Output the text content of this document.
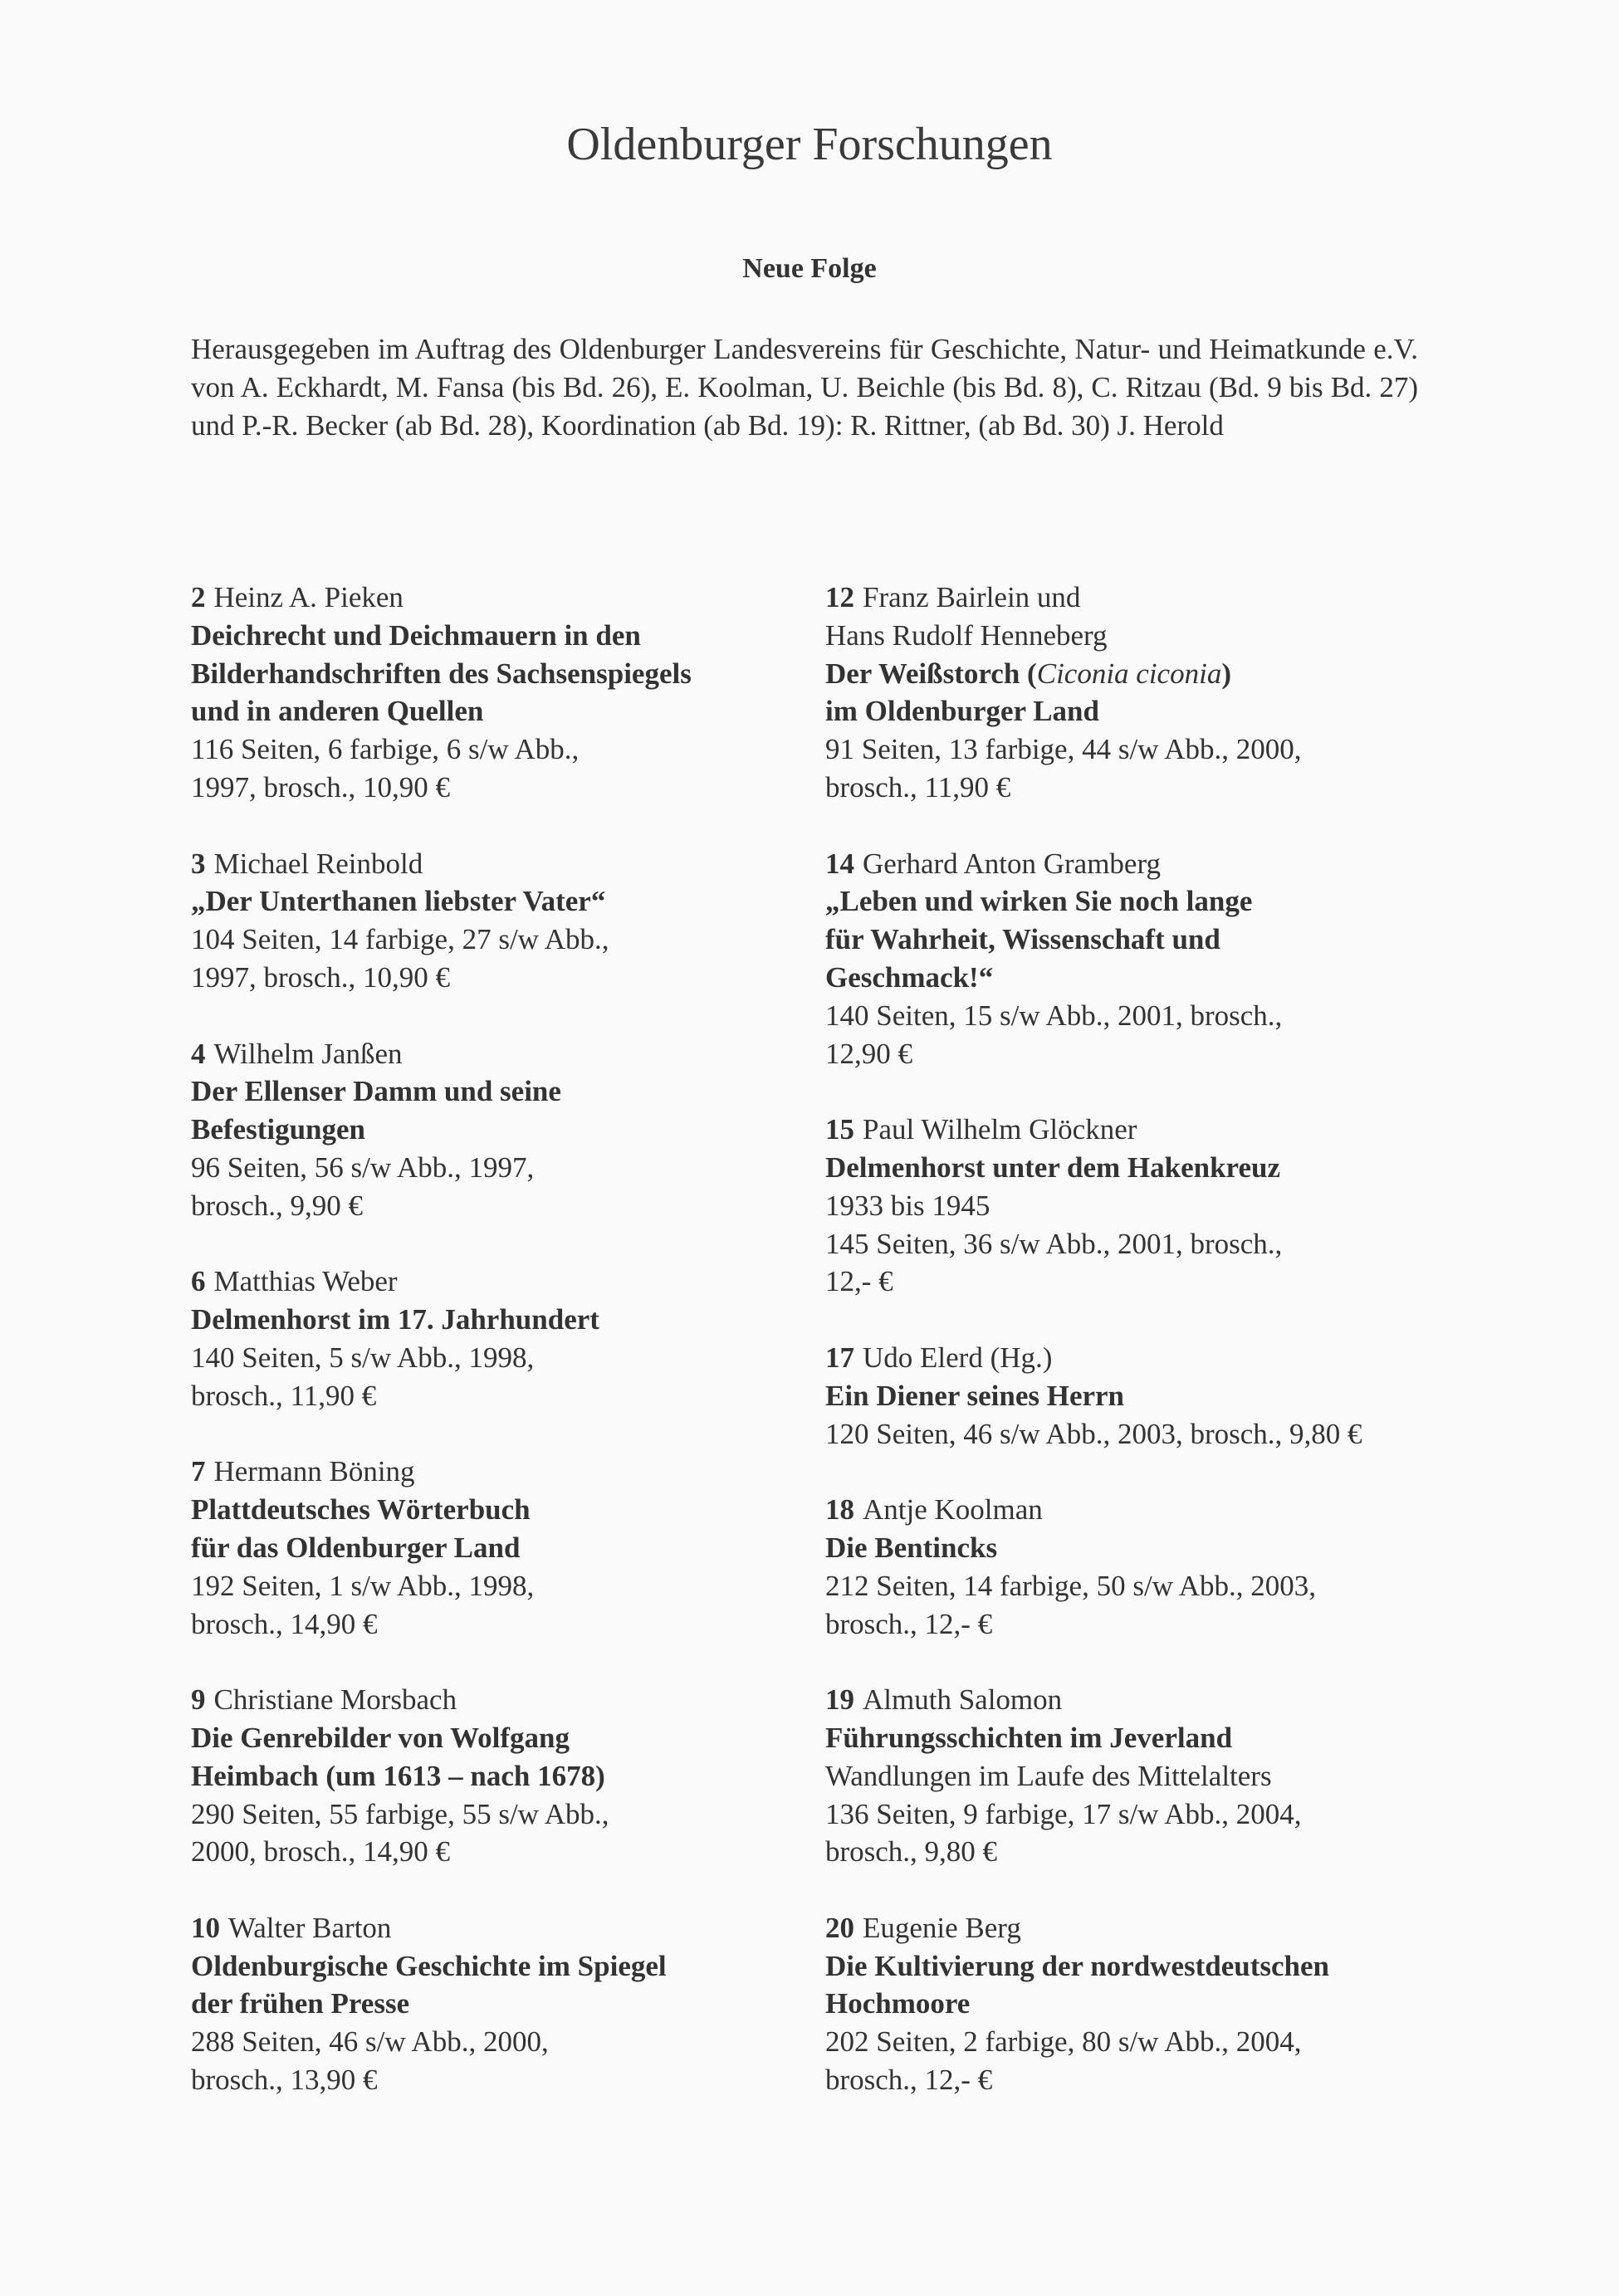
Oldenburger Forschungen
Neue Folge
Herausgegeben im Auftrag des Oldenburger Landesvereins für Geschichte, Natur- und Heimatkunde e.V. von A. Eckhardt, M. Fansa (bis Bd. 26), E. Koolman, U. Beichle (bis Bd. 8), C. Ritzau (Bd. 9 bis Bd. 27) und P.-R. Becker (ab Bd. 28), Koordination (ab Bd. 19): R. Rittner, (ab Bd. 30) J. Herold
2 Heinz A. Pieken
Deichrecht und Deichmauern in den
Bilderhandschriften des Sachsenspiegels
und in anderen Quellen
116 Seiten, 6 farbige, 6 s/w Abb.,
1997, brosch., 10,90 €
3 Michael Reinbold
„Der Unterthanen liebster Vater“
104 Seiten, 14 farbige, 27 s/w Abb.,
1997, brosch., 10,90 €
4 Wilhelm Janßen
Der Ellenser Damm und seine
Befestigungen
96 Seiten, 56 s/w Abb., 1997,
brosch., 9,90 €
6 Matthias Weber
Delmenhorst im 17. Jahrhundert
140 Seiten, 5 s/w Abb., 1998,
brosch., 11,90 €
7 Hermann Böning
Plattdeutsches Wörterbuch
für das Oldenburger Land
192 Seiten, 1 s/w Abb., 1998,
brosch., 14,90 €
9 Christiane Morsbach
Die Genrebilder von Wolfgang
Heimbach (um 1613 – nach 1678)
290 Seiten, 55 farbige, 55 s/w Abb.,
2000, brosch., 14,90 €
10 Walter Barton
Oldenburgische Geschichte im Spiegel
der frühen Presse
288 Seiten, 46 s/w Abb., 2000,
brosch., 13,90 €
12 Franz Bairlein und
Hans Rudolf Henneberg
Der Weißstorch (Ciconia ciconia)
im Oldenburger Land
91 Seiten, 13 farbige, 44 s/w Abb., 2000,
brosch., 11,90 €
14 Gerhard Anton Gramberg
„Leben und wirken Sie noch lange
für Wahrheit, Wissenschaft und
Geschmack!“
140 Seiten, 15 s/w Abb., 2001, brosch.,
12,90 €
15 Paul Wilhelm Glöckner
Delmenhorst unter dem Hakenkreuz
1933 bis 1945
145 Seiten, 36 s/w Abb., 2001, brosch.,
12,- €
17 Udo Elerd (Hg.)
Ein Diener seines Herrn
120 Seiten, 46 s/w Abb., 2003, brosch., 9,80 €
18 Antje Koolman
Die Bentincks
212 Seiten, 14 farbige, 50 s/w Abb., 2003,
brosch., 12,- €
19 Almuth Salomon
Führungsschichten im Jeverland
Wandlungen im Laufe des Mittelalters
136 Seiten, 9 farbige, 17 s/w Abb., 2004,
brosch., 9,80 €
20 Eugenie Berg
Die Kultivierung der nordwestdeutschen
Hochmoore
202 Seiten, 2 farbige, 80 s/w Abb., 2004,
brosch., 12,- €
